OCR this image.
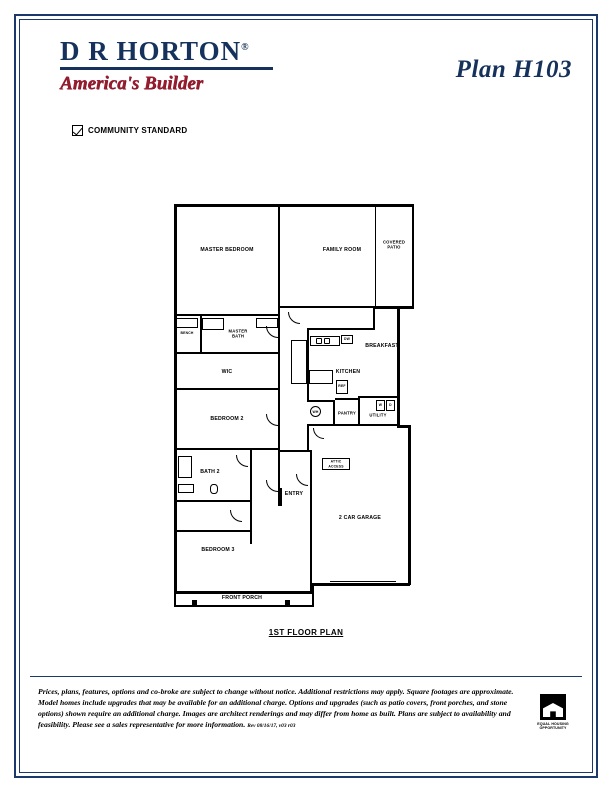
D R HORTON®
America's Builder
Plan H103
COMMUNITY STANDARD
MASTER BEDROOM	FAMILY ROOM
COVERED PATIO
MASTER BATH
BENCH
WIC
BREAKFAST
KITCHEN
DW
PANTRY	UTILITY
WH
REF
W D
BEDROOM 2
BEDROOM 3
BATH 2
ENTRY
ATTIC ACCESS
2 CAR GARAGE
FRONT PORCH
1ST FLOOR PLAN
Prices, plans, features, options and co-broke are subject to change without notice. Additional restrictions may apply. Square footages are approximate. Model homes include upgrades that may be available for an additional charge. Options and upgrades (such as patio covers, front porches, and stone options) shown require an additional charge. Images are architect renderings and may differ from home as built. Plans are subject to availability and feasibility. Please see a sales representative for more information. Rev 08/16/17, v03 r03	EQUAL HOUSING
OPPORTUNITY
